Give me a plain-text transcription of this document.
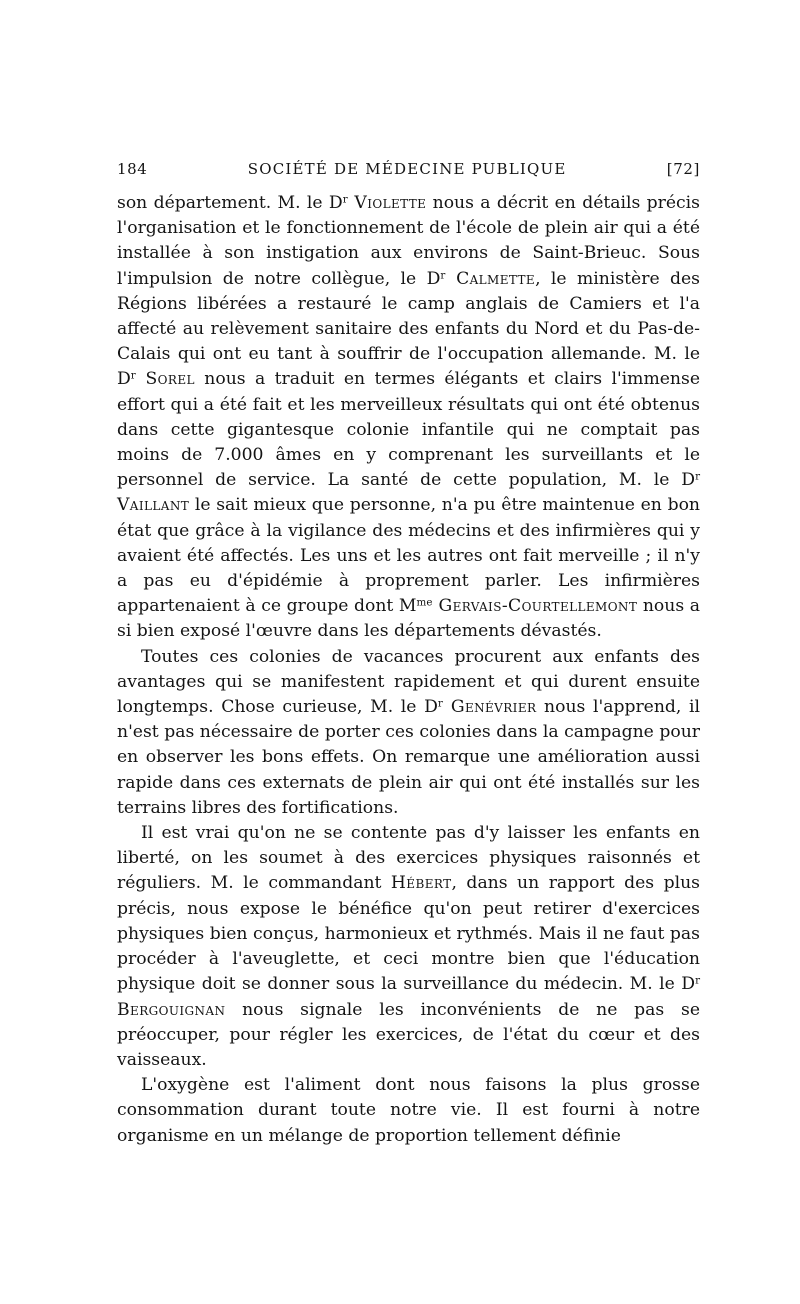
184	SOCIÉTÉ DE MÉDECINE PUBLIQUE	[72]

son département. M. le $D^r$ Violette nous a décrit en détails précis l'organisation et le fonctionnement de l'école de plein air qui a été installée à son instigation aux environs de Saint-Brieuc. Sous l'impulsion de notre collègue, le $D^r$ Calmette, le ministère des Régions libérées a restauré le camp anglais de Camiers et l'a affecté au relèvement sanitaire des enfants du Nord et du Pas-de-Calais qui ont eu tant à souffrir de l'occupation allemande. M. le $D^r$ Sorel nous a traduit en termes élégants et clairs l'immense effort qui a été fait et les merveilleux résultats qui ont été obtenus dans cette gigantesque colonie infantile qui ne comptait pas moins de 7.000 âmes en y comprenant les surveillants et le personnel de service. La santé de cette population, M. le $D^r$ Vaillant le sait mieux que personne, n'a pu être maintenue en bon état que grâce à la vigilance des médecins et des infirmières qui y avaient été affectés. Les uns et les autres ont fait merveille ; il n'y a pas eu d'épidémie à proprement parler. Les infirmières appartenaient à ce groupe dont $M^{me}$ Gervais-Courtellemont nous a si bien exposé l'œuvre dans les départements dévastés.

Toutes ces colonies de vacances procurent aux enfants des avantages qui se manifestent rapidement et qui durent ensuite longtemps. Chose curieuse, M. le $D^r$ Genévrier nous l'apprend, il n'est pas nécessaire de porter ces colonies dans la campagne pour en observer les bons effets. On remarque une amélioration aussi rapide dans ces externats de plein air qui ont été installés sur les terrains libres des fortifications.

Il est vrai qu'on ne se contente pas d'y laisser les enfants en liberté, on les soumet à des exercices physiques raisonnés et réguliers. M. le commandant Hébert, dans un rapport des plus précis, nous expose le bénéfice qu'on peut retirer d'exercices physiques bien conçus, harmonieux et rythmés. Mais il ne faut pas procéder à l'aveuglette, et ceci montre bien que l'éducation physique doit se donner sous la surveillance du médecin. M. le $D^r$ Bergouignan nous signale les inconvénients de ne pas se préoccuper, pour régler les exercices, de l'état du cœur et des vaisseaux.

L'oxygène est l'aliment dont nous faisons la plus grosse consommation durant toute notre vie. Il est fourni à notre organisme en un mélange de proportion tellement définie
